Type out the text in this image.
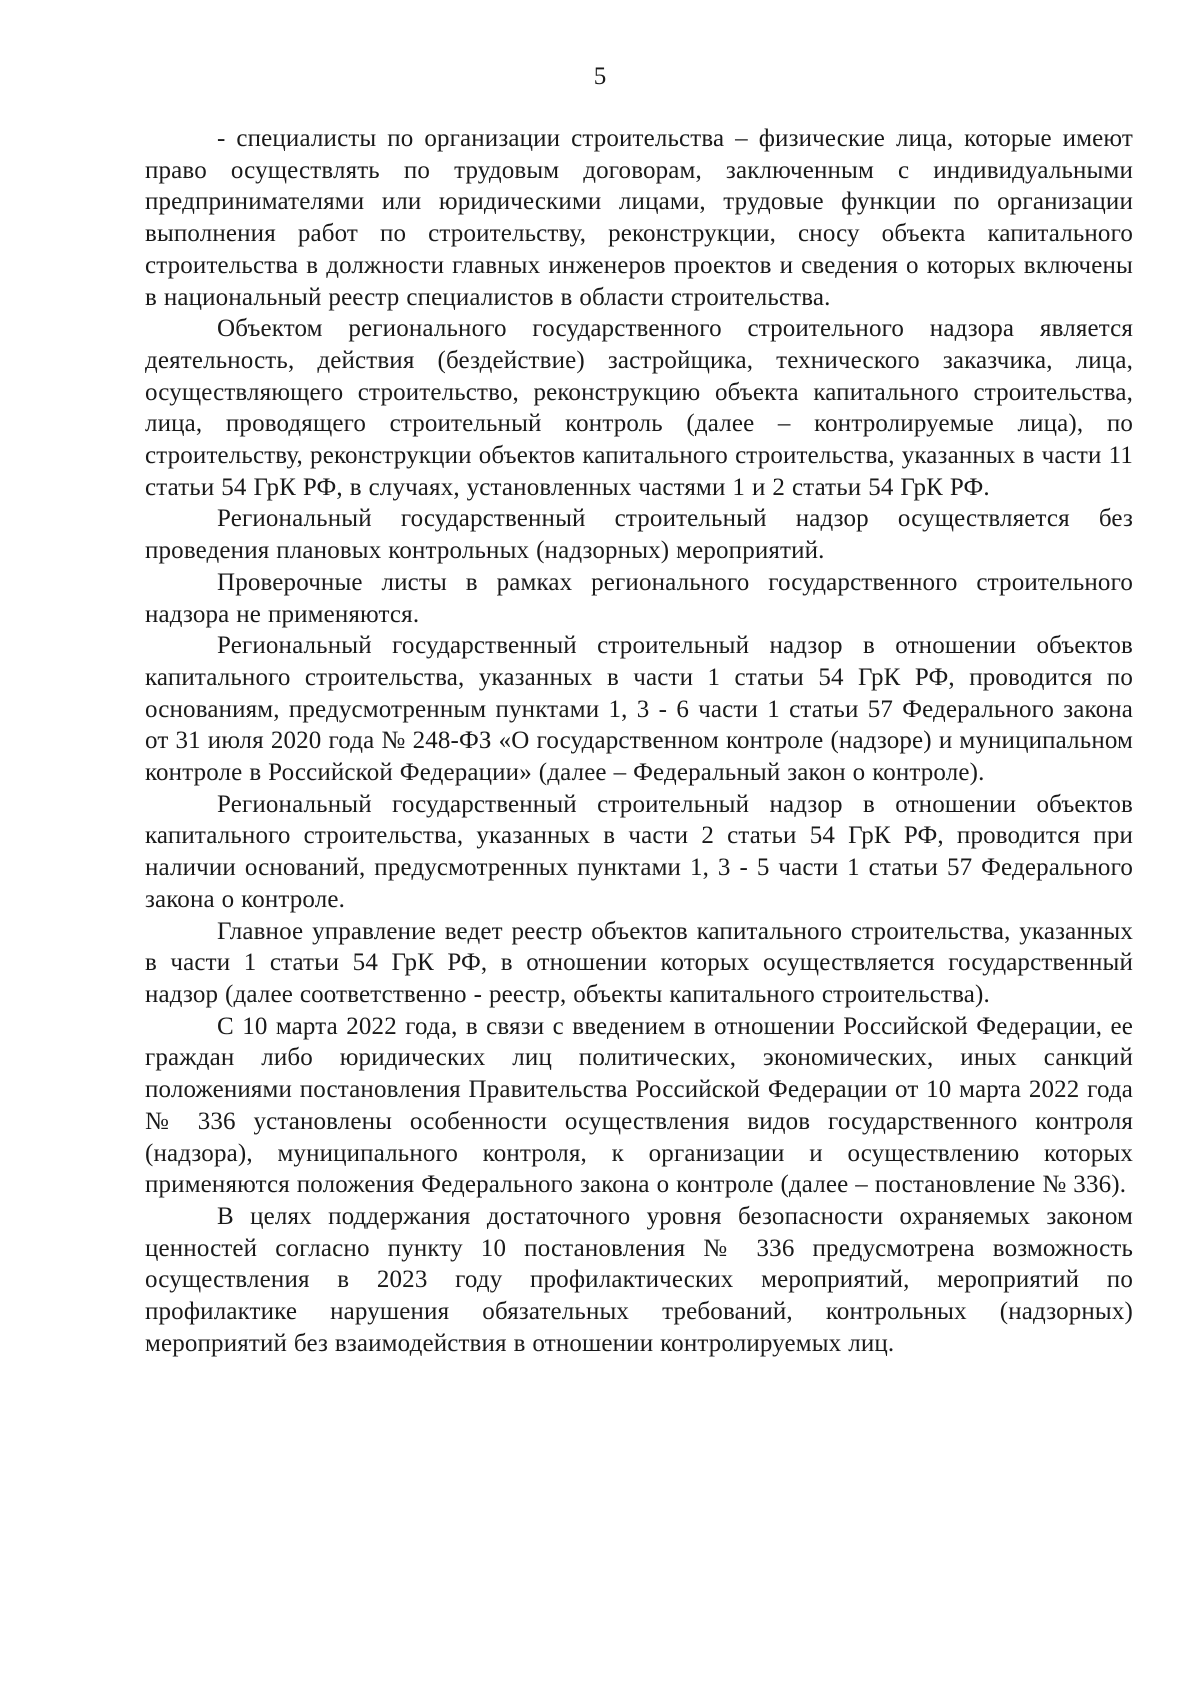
5

- специалисты по организации строительства – физические лица, которые имеют право осуществлять по трудовым договорам, заключенным с индивидуальными предпринимателями или юридическими лицами, трудовые функции по организации выполнения работ по строительству, реконструкции, сносу объекта капитального строительства в должности главных инженеров проектов и сведения о которых включены в национальный реестр специалистов в области строительства.

Объектом регионального государственного строительного надзора является деятельность, действия (бездействие) застройщика, технического заказчика, лица, осуществляющего строительство, реконструкцию объекта капитального строительства, лица, проводящего строительный контроль (далее – контролируемые лица), по строительству, реконструкции объектов капитального строительства, указанных в части 11 статьи 54 ГрК РФ, в случаях, установленных частями 1 и 2 статьи 54 ГрК РФ.

Региональный государственный строительный надзор осуществляется без проведения плановых контрольных (надзорных) мероприятий.

Проверочные листы в рамках регионального государственного строительного надзора не применяются.

Региональный государственный строительный надзор в отношении объектов капитального строительства, указанных в части 1 статьи 54 ГрК РФ, проводится по основаниям, предусмотренным пунктами 1, 3 - 6 части 1 статьи 57 Федерального закона от 31 июля 2020 года № 248-ФЗ «О государственном контроле (надзоре) и муниципальном контроле в Российской Федерации» (далее – Федеральный закон о контроле).

Региональный государственный строительный надзор в отношении объектов капитального строительства, указанных в части 2 статьи 54 ГрК РФ, проводится при наличии оснований, предусмотренных пунктами 1, 3 - 5 части 1 статьи 57 Федерального закона о контроле.

Главное управление ведет реестр объектов капитального строительства, указанных в части 1 статьи 54 ГрК РФ, в отношении которых осуществляется государственный надзор (далее соответственно - реестр, объекты капитального строительства).

С 10 марта 2022 года, в связи с введением в отношении Российской Федерации, ее граждан либо юридических лиц политических, экономических, иных санкций положениями постановления Правительства Российской Федерации от 10 марта 2022 года № 336 установлены особенности осуществления видов государственного контроля (надзора), муниципального контроля, к организации и осуществлению которых применяются положения Федерального закона о контроле (далее – постановление № 336).

В целях поддержания достаточного уровня безопасности охраняемых законом ценностей согласно пункту 10 постановления № 336 предусмотрена возможность осуществления в 2023 году профилактических мероприятий, мероприятий по профилактике нарушения обязательных требований, контрольных (надзорных) мероприятий без взаимодействия в отношении контролируемых лиц.
